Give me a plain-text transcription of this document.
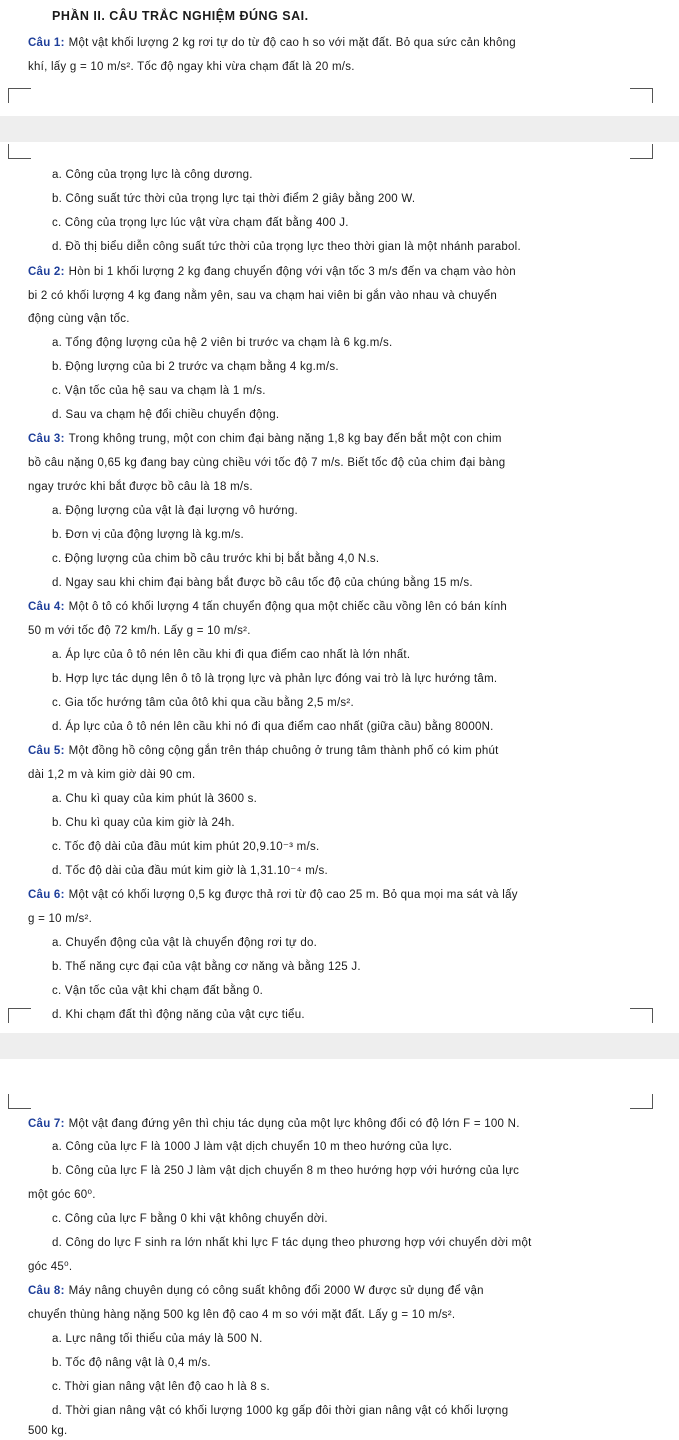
PHẦN II. CÂU TRẮC NGHIỆM ĐÚNG SAI.
Câu 1: Một vật khối lượng 2 kg rơi tự do từ độ cao h so với mặt đất. Bỏ qua sức cản không
khí, lấy g = 10 m/s². Tốc độ ngay khi vừa chạm đất là 20 m/s.
a. Công của trọng lực là công dương.
b. Công suất tức thời của trọng lực tại thời điểm 2 giây bằng 200 W.
c. Công của trọng lực lúc vật vừa chạm đất bằng 400 J.
d. Đồ thị biểu diễn công suất tức thời của trọng lực theo thời gian là một nhánh parabol.
Câu 2: Hòn bi 1 khối lượng 2 kg đang chuyển động với vận tốc 3 m/s đến va chạm vào hòn
bi 2 có khối lượng 4 kg đang nằm yên, sau va chạm hai viên bi gắn vào nhau và chuyển
động cùng vận tốc.
a. Tổng động lượng của hệ 2 viên bi trước va chạm là 6 kg.m/s.
b. Động lượng của bi 2 trước va chạm bằng 4 kg.m/s.
c. Vận tốc của hệ sau va chạm là 1 m/s.
d. Sau va chạm hệ đổi chiều chuyển động.
Câu 3: Trong không trung, một con chim đại bàng nặng 1,8 kg bay đến bắt một con chim
bồ câu nặng 0,65 kg đang bay cùng chiều với tốc độ 7 m/s. Biết tốc độ của chim đại bàng
ngay trước khi bắt được bồ câu là 18 m/s.
a. Động lượng của vật là đại lượng vô hướng.
b. Đơn vị của động lượng là kg.m/s.
c. Động lượng của chim bồ câu trước khi bị bắt bằng 4,0 N.s.
d. Ngay sau khi chim đại bàng bắt được bồ câu tốc độ của chúng bằng 15 m/s.
Câu 4: Một ô tô có khối lượng 4 tấn chuyển động qua một chiếc cầu vồng lên có bán kính
50 m với tốc độ 72 km/h. Lấy g = 10 m/s².
a. Áp lực của ô tô nén lên cầu khi đi qua điểm cao nhất là lớn nhất.
b. Hợp lực tác dụng lên ô tô là trọng lực và phản lực đóng vai trò là lực hướng tâm.
c. Gia tốc hướng tâm của ôtô khi qua cầu bằng 2,5 m/s².
d. Áp lực của ô tô nén lên cầu khi nó đi qua điểm cao nhất (giữa cầu) bằng 8000N.
Câu 5: Một đồng hồ công cộng gắn trên tháp chuông ở trung tâm thành phố có kim phút
dài 1,2 m và kim giờ dài 90 cm.
a. Chu kì quay của kim phút là 3600 s.
b. Chu kì quay của kim giờ là 24h.
c. Tốc độ dài của đầu mút kim phút 20,9.10⁻³ m/s.
d. Tốc độ dài của đầu mút kim giờ là 1,31.10⁻⁴ m/s.
Câu 6: Một vật có khối lượng 0,5 kg được thả rơi từ độ cao 25 m. Bỏ qua mọi ma sát và lấy
g = 10 m/s².
a. Chuyển động của vật là chuyển động rơi tự do.
b. Thế năng cực đại của vật bằng cơ năng và bằng 125 J.
c. Vận tốc của vật khi chạm đất bằng 0.
d. Khi chạm đất thì động năng của vật cực tiểu.
Câu 7: Một vật đang đứng yên thì chịu tác dụng của một lực không đổi có độ lớn F = 100 N.
a. Công của lực F là 1000 J làm vật dịch chuyển 10 m theo hướng của lực.
b. Công của lực F là 250 J làm vật dịch chuyển 8 m theo hướng hợp với hướng của lực
một góc 60⁰.
c. Công của lực F bằng 0 khi vật không chuyển dời.
d. Công do lực F sinh ra lớn nhất khi lực F tác dụng theo phương hợp với chuyển dời một
góc 45⁰.
Câu 8: Máy nâng chuyên dụng có công suất không đổi 2000 W được sử dụng để vận
chuyển thùng hàng nặng 500 kg lên độ cao 4 m so với mặt đất. Lấy g = 10 m/s².
a. Lực nâng tối thiểu của máy là 500 N.
b. Tốc độ nâng vật là 0,4 m/s.
c. Thời gian nâng vật lên độ cao h là 8 s.
d. Thời gian nâng vật có khối lượng 1000 kg gấp đôi thời gian nâng vật có khối lượng
500 kg.
